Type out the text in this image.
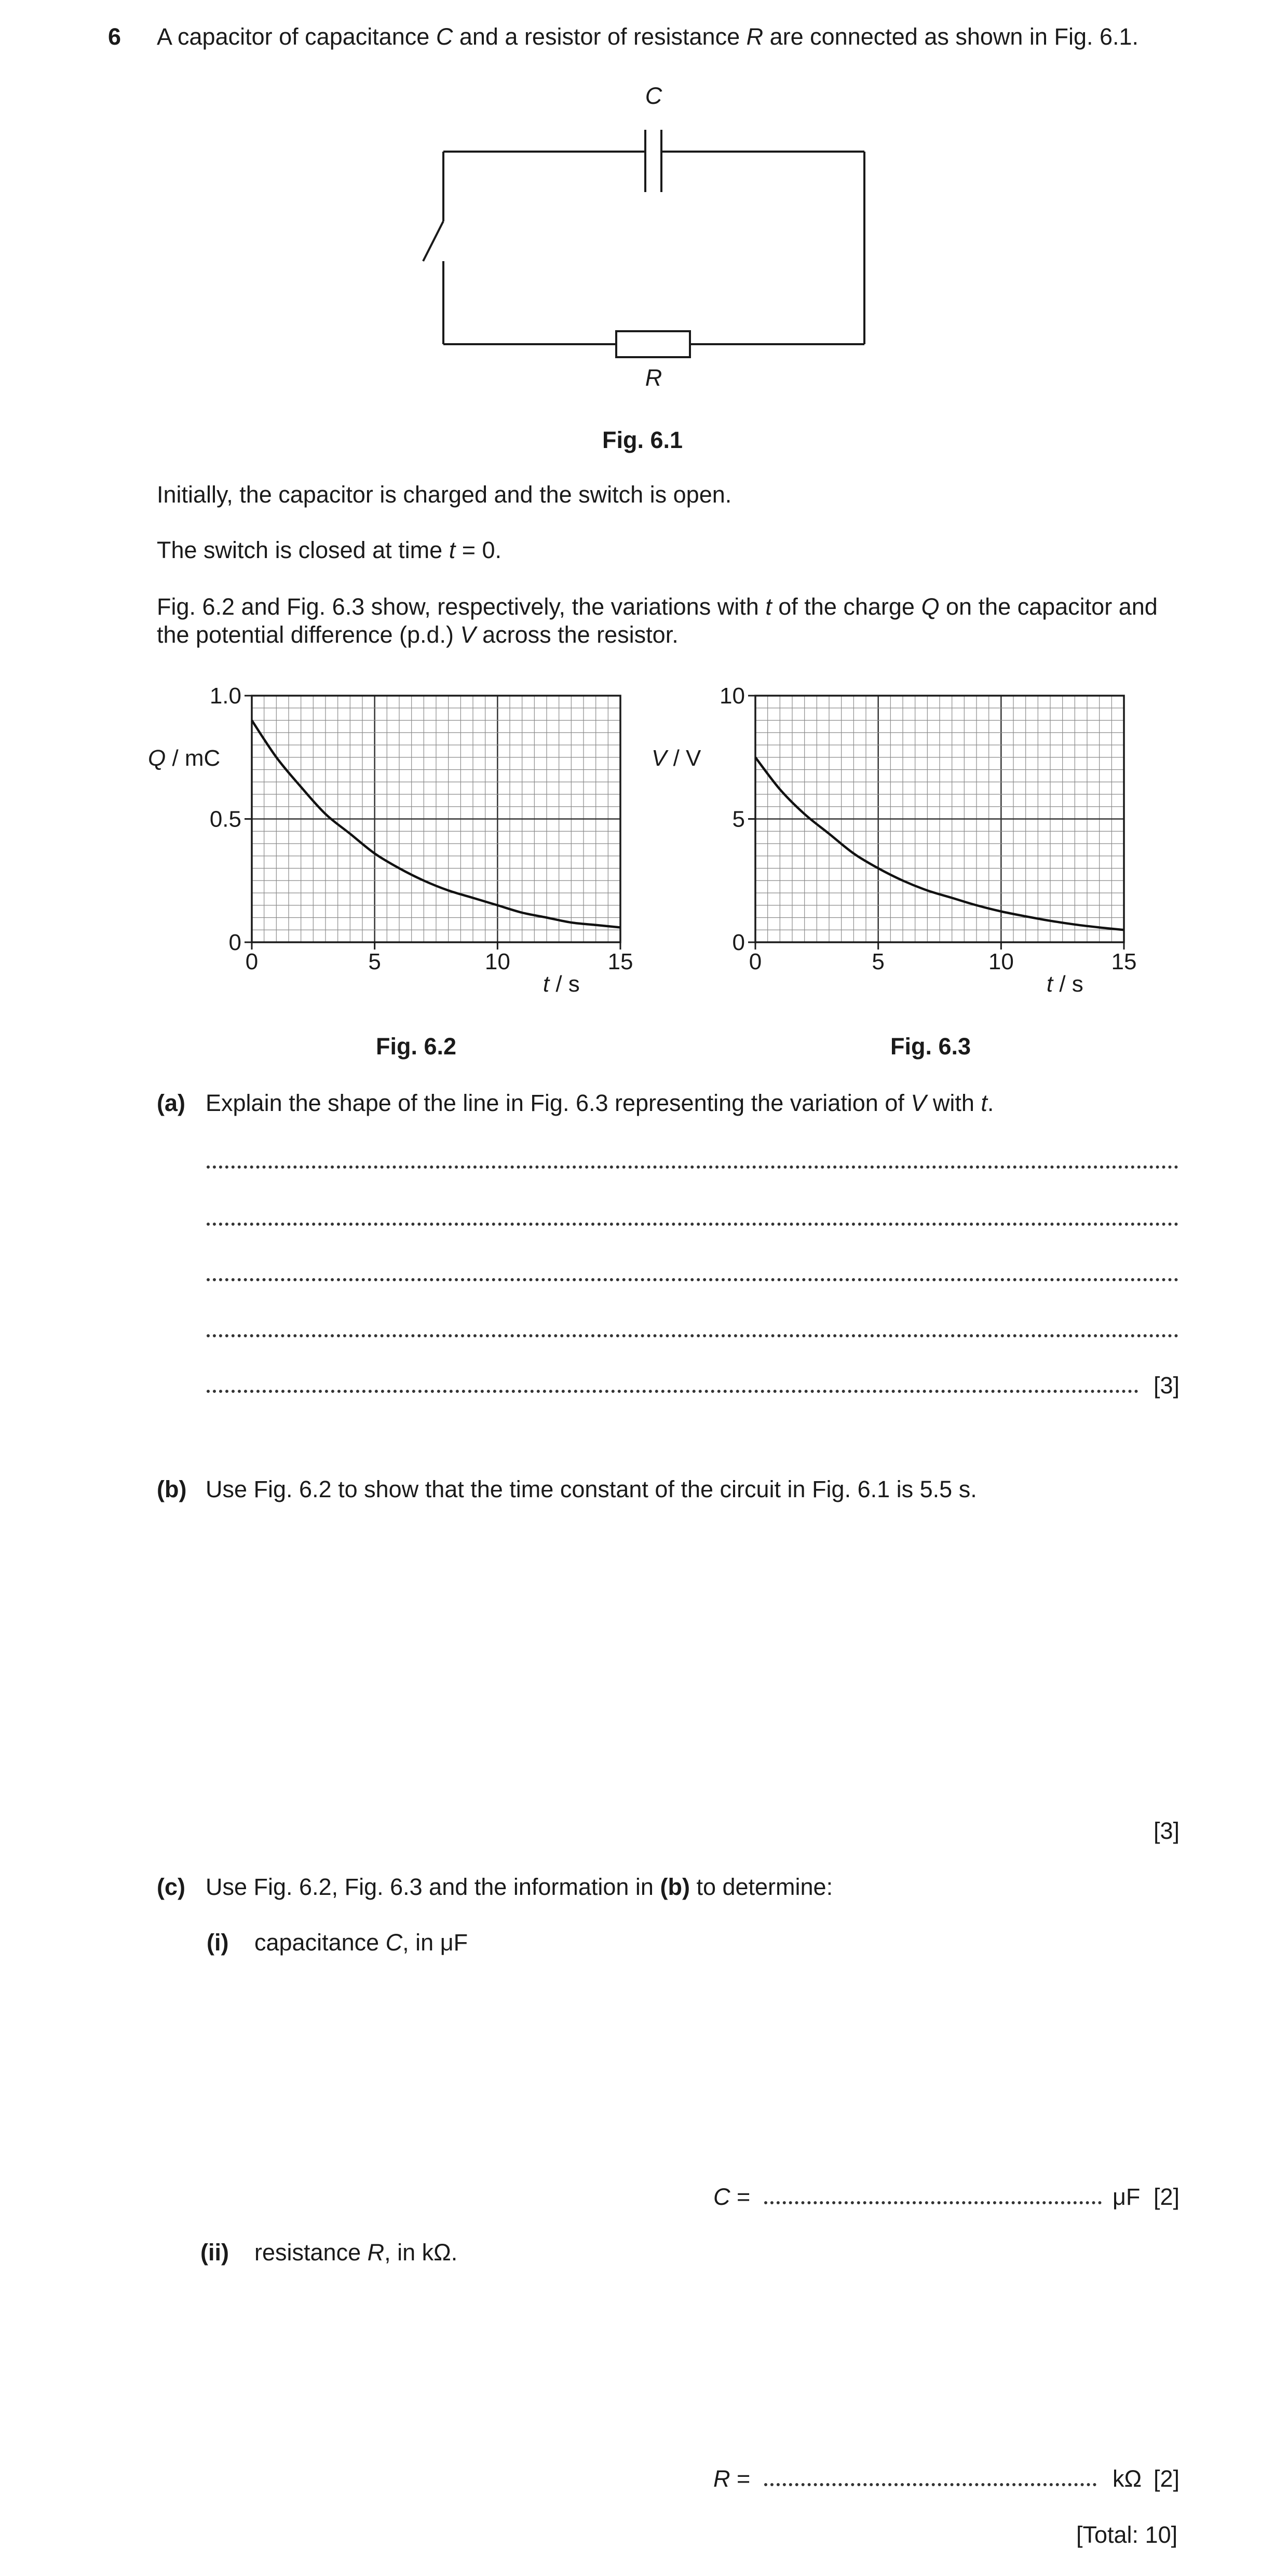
6 A capacitor of capacitance C and a resistor of resistance R are connected as shown in Fig. 6.1.
C
R
Fig. 6.1
Initially, the capacitor is charged and the switch is open.
The switch is closed at time t = 0.
Fig. 6.2 and Fig. 6.3 show, respectively, the variations with t of the charge Q on the capacitor and
the potential difference (p.d.) V across the resistor.
0	5	10	15
0
0.5
1.0
Q / mC
t / s
0	5	10	15
0
5
10
V / V
t / s
Fig. 6.2	Fig. 6.3
(a) Explain the shape of the line in Fig. 6.3 representing the variation of V with t.
[3]
(b) Use Fig. 6.2 to show that the time constant of the circuit in Fig. 6.1 is 5.5 s.
[3]
(c) Use Fig. 6.2, Fig. 6.3 and the information in (b) to determine:
(i) capacitance C, in μF
C =	μF [2]
(ii) resistance R, in kΩ.
R =	kΩ [2]
[Total: 10]
